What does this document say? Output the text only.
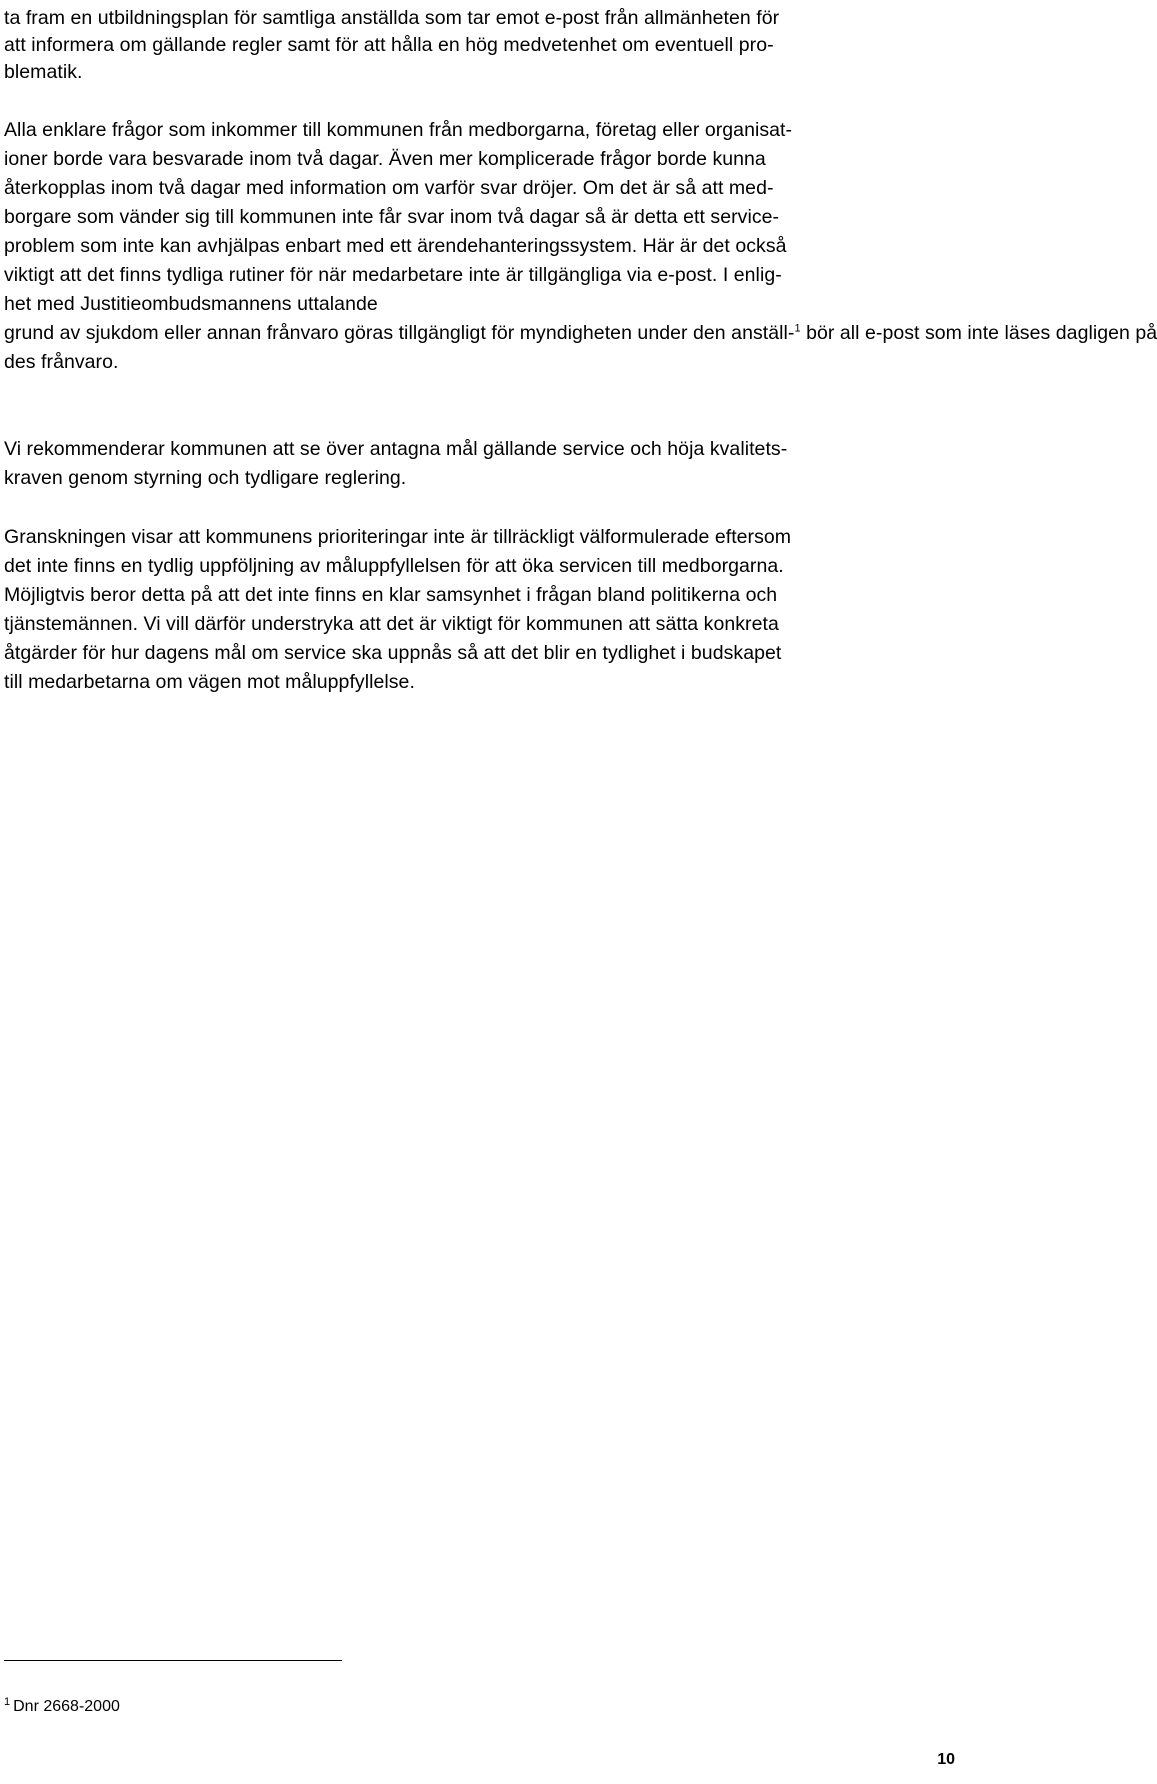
ta fram en utbildningsplan för samtliga anställda som tar emot e-post från allmänheten för
att informera om gällande regler samt för att hålla en hög medvetenhet om eventuell pro-
blematik.
Alla enklare frågor som inkommer till kommunen från medborgarna, företag eller organisat-
ioner borde vara besvarade inom två dagar. Även mer komplicerade frågor borde kunna
återkopplas inom två dagar med information om varför svar dröjer. Om det är så att med-
borgare som vänder sig till kommunen inte får svar inom två dagar så är detta ett service-
problem som inte kan avhjälpas enbart med ett ärendehanteringssystem. Här är det också
viktigt att det finns tydliga rutiner för när medarbetare inte är tillgängliga via e-post. I enlig-
het med Justitieombudsmannens uttalande
grund av sjukdom eller annan frånvaro göras tillgängligt för myndigheten under den anställ-$^1$ bör all e-post som inte läses dagligen på
des frånvaro.
Vi rekommenderar kommunen att se över antagna mål gällande service och höja kvalitets-
kraven genom styrning och tydligare reglering.
Granskningen visar att kommunens prioriteringar inte är tillräckligt välformulerade eftersom
det inte finns en tydlig uppföljning av måluppfyllelsen för att öka servicen till medborgarna.
Möjligtvis beror detta på att det inte finns en klar samsynhet i frågan bland politikerna och
tjänstemännen. Vi vill därför understryka att det är viktigt för kommunen att sätta konkreta
åtgärder för hur dagens mål om service ska uppnås så att det blir en tydlighet i budskapet
till medarbetarna om vägen mot måluppfyllelse.
$^1$ Dnr 2668-2000
10
